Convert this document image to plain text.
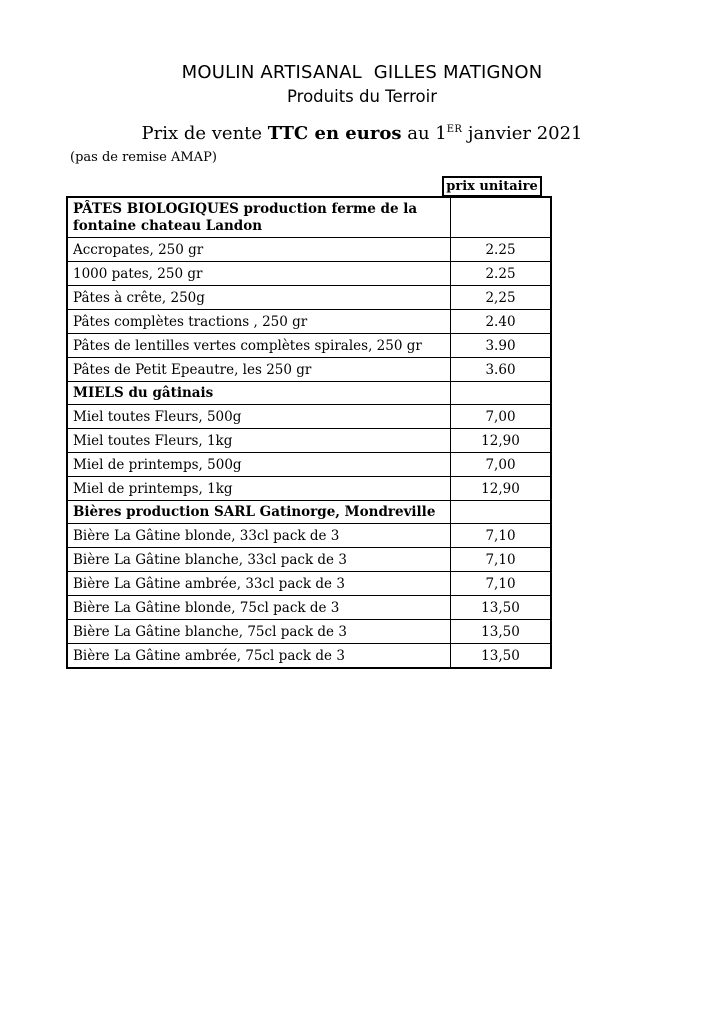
MOULIN ARTISANAL  GILLES MATIGNON
Produits du Terroir
Prix de vente TTC en euros au 1ER janvier 2021
(pas de remise AMAP)
prix unitaire
PÂTES BIOLOGIQUES production ferme de la fontaine chateau Landon	
Accropates, 250 gr	2.25
1000 pates, 250 gr	2.25
Pâtes à crête, 250g	2,25
Pâtes complètes tractions , 250 gr	2.40
Pâtes de lentilles vertes complètes spirales, 250 gr	3.90
Pâtes de Petit Epeautre, les 250 gr	3.60
MIELS du gâtinais	
Miel toutes Fleurs, 500g	7,00
Miel toutes Fleurs, 1kg	12,90
Miel de printemps, 500g	7,00
Miel de printemps, 1kg	12,90
Bières production SARL Gatinorge, Mondreville	
Bière La Gâtine blonde, 33cl pack de 3	7,10
Bière La Gâtine blanche, 33cl pack de 3	7,10
Bière La Gâtine ambrée, 33cl pack de 3	7,10
Bière La Gâtine blonde, 75cl pack de 3	13,50
Bière La Gâtine blanche, 75cl pack de 3	13,50
Bière La Gâtine ambrée, 75cl pack de 3	13,50
